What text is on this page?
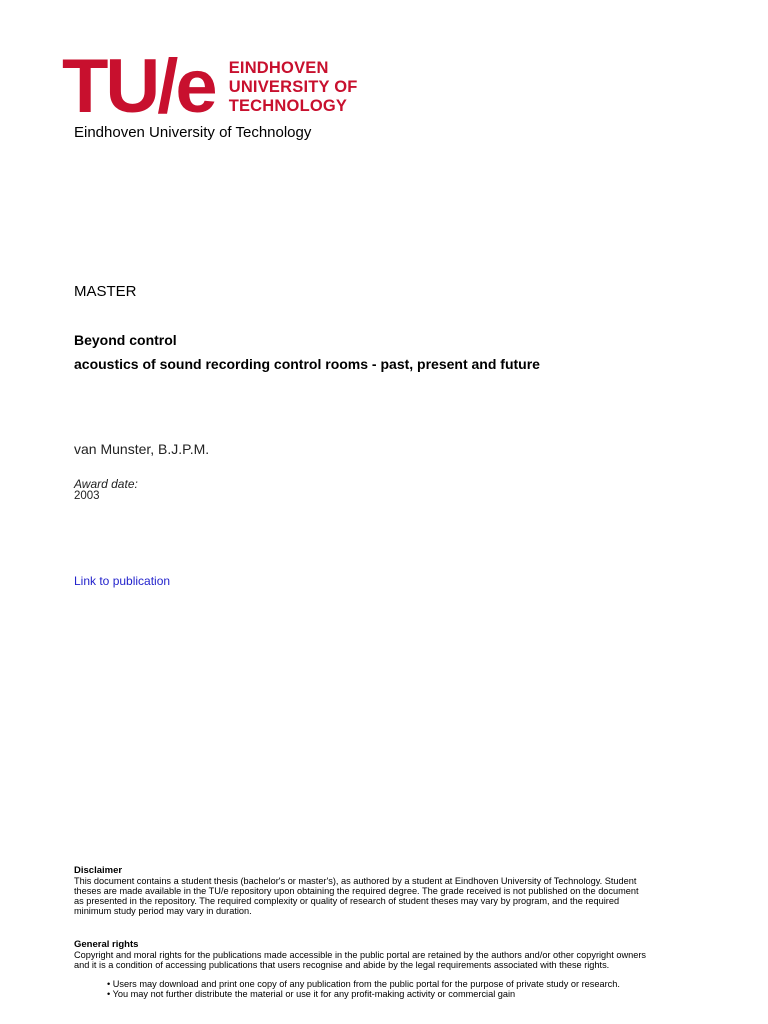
TU/e EINDHOVEN
UNIVERSITY OF
TECHNOLOGY
Eindhoven University of Technology
MASTER
Beyond control
acoustics of sound recording control rooms - past, present and future
van Munster, B.J.P.M.
Award date:
2003
Link to publication
Disclaimer
This document contains a student thesis (bachelor's or master's), as authored by a student at Eindhoven University of Technology. Student
theses are made available in the TU/e repository upon obtaining the required degree. The grade received is not published on the document
as presented in the repository. The required complexity or quality of research of student theses may vary by program, and the required
minimum study period may vary in duration.
General rights
Copyright and moral rights for the publications made accessible in the public portal are retained by the authors and/or other copyright owners
and it is a condition of accessing publications that users recognise and abide by the legal requirements associated with these rights.
• Users may download and print one copy of any publication from the public portal for the purpose of private study or research.
• You may not further distribute the material or use it for any profit-making activity or commercial gain
